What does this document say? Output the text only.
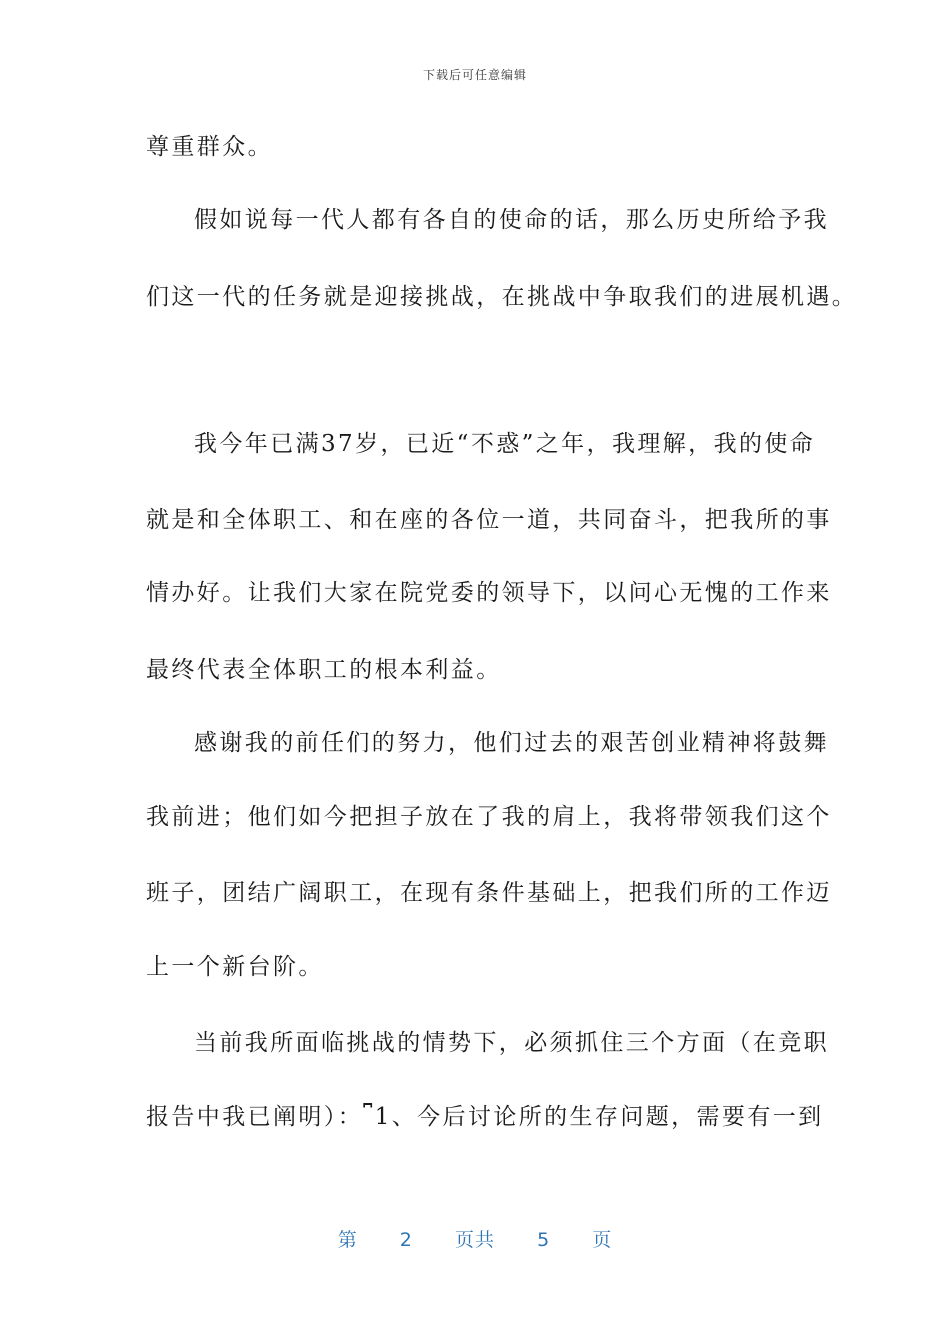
下载后可任意编辑
尊重群众。
假如说每一代人都有各自的使命的话，那么历史所给予我
们这一代的任务就是迎接挑战，在挑战中争取我们的进展机遇。
我今年已满37岁，已近“不惑”之年，我理解，我的使命
就是和全体职工、和在座的各位一道，共同奋斗，把我所的事
情办好。让我们大家在院党委的领导下，以问心无愧的工作来
最终代表全体职工的根本利益。
感谢我的前任们的努力，他们过去的艰苦创业精神将鼓舞
我前进；他们如今把担子放在了我的肩上，我将带领我们这个
班子，团结广阔职工，在现有条件基础上，把我们所的工作迈
上一个新台阶。
当前我所面临挑战的情势下，必须抓住三个方面（在竞职
报告中我已阐明）：⎴1、今后讨论所的生存问题，需要有一到
第 2 页共 5 页
